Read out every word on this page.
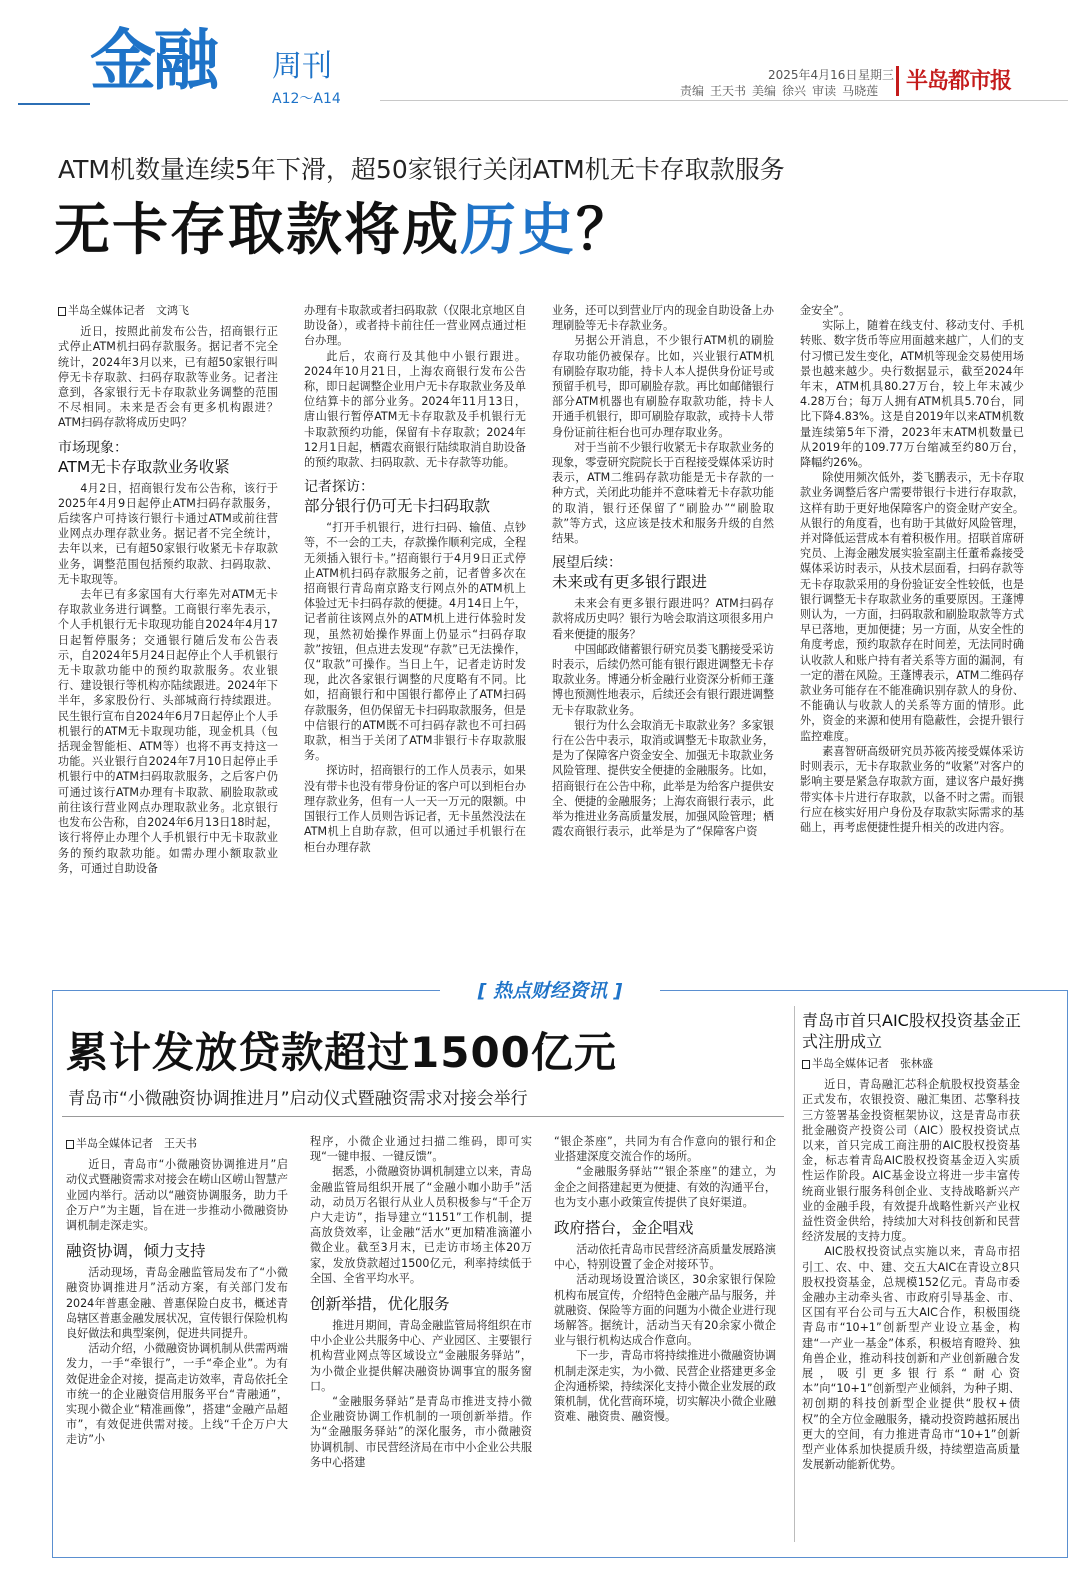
金融 周刊
A12～A14
2025年4月16日 星期三
责编 王天书 美编 徐兴 审读 马晓莲 半岛都市报
ATM机数量连续5年下滑，超50家银行关闭ATM机无卡存取款服务
无卡存取款将成历史？
半岛全媒体记者　文鸿飞

近日，按照此前发布公告，招商银行正式停止ATM机扫码存款服务。据记者不完全统计，2024年3月以来，已有超50家银行叫停无卡存取款、扫码存取款等业务。记者注意到，各家银行无卡存取款业务调整的范围不尽相同。未来是否会有更多机构跟进？ATM扫码存款将成历史吗？

市场现象：
ATM无卡存取款业务收紧

4月2日，招商银行发布公告称，该行于2025年4月9日起停止ATM扫码存款服务，后续客户可持该行银行卡通过ATM或前往营业网点办理存款业务。据记者不完全统计，去年以来，已有超50家银行收紧无卡存取款业务，调整范围包括预约取款、扫码取款、无卡取现等。

去年已有多家国有大行率先对ATM无卡存取款业务进行调整。工商银行率先表示，个人手机银行无卡取现功能自2024年4月17日起暂停服务；交通银行随后发布公告表示，自2024年5月24日起停止个人手机银行无卡取款功能中的预约取款服务。农业银行、建设银行等机构亦陆续跟进。2024年下半年，多家股份行、头部城商行持续跟进。民生银行宣布自2024年6月7日起停止个人手机银行的ATM无卡取现功能，现金机具（包括现金智能柜、ATM等）也将不再支持这一功能。兴业银行自2024年7月10日起停止手机银行中的ATM扫码取款服务，之后客户仍可通过该行ATM办理有卡取款、刷脸取款或前往该行营业网点办理取款业务。北京银行也发布公告称，自2024年6月13日18时起，该行将停止办理个人手机银行中无卡取款业务的预约取款功能。如需办理小额取款业务，可通过自助设备

办理有卡取款或者扫码取款（仅限北京地区自助设备），或者持卡前往任一营业网点通过柜台办理。

此后，农商行及其他中小银行跟进。2024年10月21日，上海农商银行发布公告称，即日起调整企业用户无卡存取款业务及单位结算卡的部分业务。2024年11月13日，唐山银行暂停ATM无卡存取款及手机银行无卡取款预约功能，保留有卡存取款；2024年12月1日起，栖霞农商银行陆续取消自助设备的预约取款、扫码取款、无卡存款等功能。

记者探访：
部分银行仍可无卡扫码取款

“打开手机银行，进行扫码、输值、点钞等，不一会的工夫，存款操作顺利完成，全程无须插入银行卡。”招商银行于4月9日正式停止ATM机扫码存款服务之前，记者曾多次在招商银行青岛南京路支行网点外的ATM机上体验过无卡扫码存款的便捷。4月14日上午，记者前往该网点外的ATM机上进行体验时发现，虽然初始操作界面上仍显示“扫码存取款”按钮，但点进去发现“存款”已无法操作，仅“取款”可操作。当日上午，记者走访时发现，此次各家银行调整的尺度略有不同。比如，招商银行和中国银行都停止了ATM扫码存款服务，但仍保留无卡扫码取款服务，但是中信银行的ATM既不可扫码存款也不可扫码取款，相当于关闭了ATM非银行卡存取款服务。

探访时，招商银行的工作人员表示，如果没有带卡也没有带身份证的客户可以到柜台办理存款业务，但有一人一天一万元的限额。中国银行工作人员则告诉记者，无卡虽然没法在ATM机上自助存款，但可以通过手机银行在柜台办理存款

业务，还可以到营业厅内的现金自助设备上办理刷脸等无卡存款业务。

另据公开消息，不少银行ATM机的刷脸存取功能仍被保存。比如，兴业银行ATM机有刷脸存取功能，持卡人本人提供身份证号或预留手机号，即可刷脸存款。再比如邮储银行部分ATM机器也有刷脸存取款功能，持卡人开通手机银行，即可刷脸存取款，或持卡人带身份证前往柜台也可办理存取业务。

对于当前不少银行收紧无卡存取款业务的现象，零壹研究院院长于百程接受媒体采访时表示，ATM二维码存款功能是无卡存款的一种方式，关闭此功能并不意味着无卡存款功能的取消，银行还保留了“刷脸办”“刷脸取款”等方式，这应该是技术和服务升级的自然结果。

展望后续：
未来或有更多银行跟进

未来会有更多银行跟进吗？ATM扫码存款将成历史吗？银行为啥会取消这项很多用户看来便捷的服务？

中国邮政储蓄银行研究员娄飞鹏接受采访时表示，后续仍然可能有银行跟进调整无卡存取款业务。博通分析金融行业资深分析师王蓬博也预测性地表示，后续还会有银行跟进调整无卡存取款业务。

银行为什么会取消无卡取款业务？多家银行在公告中表示，取消或调整无卡取款业务，是为了保障客户资金安全、加强无卡取款业务风险管理、提供安全便捷的金融服务。比如，招商银行在公告中称，此举是为给客户提供安全、便捷的金融服务；上海农商银行表示，此举为推进业务高质量发展，加强风险管理；栖霞农商银行表示，此举是为了“保障客户资

金安全”。

实际上，随着在线支付、移动支付、手机转账、数字货币等应用面越来越广，人们的支付习惯已发生变化，ATM机等现金交易使用场景也越来越少。央行数据显示，截至2024年年末，ATM机具80.27万台，较上年末减少4.28万台；每万人拥有ATM机具5.70台，同比下降4.83%。这是自2019年以来ATM机数量连续第5年下滑，2023年末ATM机数量已从2019年的109.77万台缩减至约80万台，降幅约26%。

除使用频次低外，娄飞鹏表示，无卡存取款业务调整后客户需要带银行卡进行存取款，这样有助于更好地保障客户的资金财产安全。从银行的角度看，也有助于其做好风险管理，并对降低运营成本有着积极作用。招联首席研究员、上海金融发展实验室副主任董希淼接受媒体采访时表示，从技术层面看，扫码存款等无卡存取款采用的身份验证安全性较低，也是银行调整无卡存取款业务的重要原因。王蓬博则认为，一方面，扫码取款和刷脸取款等方式早已落地，更加便捷；另一方面，从安全性的角度考虑，预约取款存在时间差，无法同时确认收款人和账户持有者关系等方面的漏洞，有一定的潜在风险。王蓬博表示，ATM二维码存款业务可能存在不能准确识别存款人的身份、不能确认与收款人的关系等方面的情形。此外，资金的来源和使用有隐蔽性，会提升银行监控难度。

素喜智研高级研究员苏筱芮接受媒体采访时则表示，无卡存取款业务的“收紧”对客户的影响主要是紧急存取款方面，建议客户最好携带实体卡片进行存取款，以备不时之需。而银行应在核实好用户身份及存取款实际需求的基础上，再考虑便捷性提升相关的改进内容。

[ 热点财经资讯 ]
累计发放贷款超过1500亿元
青岛市“小微融资协调推进月”启动仪式暨融资需求对接会举行
半岛全媒体记者　王天书

近日，青岛市“小微融资协调推进月”启动仪式暨融资需求对接会在崂山区崂山智慧产业园内举行。活动以“融资协调服务，助力千企万户”为主题，旨在进一步推动小微融资协调机制走深走实。

融资协调，倾力支持

活动现场，青岛金融监管局发布了“小微融资协调推进月”活动方案，有关部门发布2024年普惠金融、普惠保险白皮书，概述青岛辖区普惠金融发展状况，宣传银行保险机构良好做法和典型案例，促进共同提升。

活动介绍，小微融资协调机制从供需两端发力，一手“牵银行”，一手“牵企业”。为有效促进金企对接，提高走访效率，青岛依托全市统一的企业融资信用服务平台“青融通”，实现小微企业“精准画像”，搭建“金融产品超市”，有效促进供需对接。上线“千企万户大走访”小

程序，小微企业通过扫描二维码，即可实现“一键申报、一键反馈”。

据悉，小微融资协调机制建立以来，青岛金融监管局组织开展了“金融小咖小助手”活动，动员万名银行从业人员积极参与“千企万户大走访”，指导建立“1151”工作机制，提高放贷效率，让金融“活水”更加精准滴灌小微企业。截至3月末，已走访市场主体20万家，发放贷款超过1500亿元，利率持续低于全国、全省平均水平。

创新举措，优化服务

推进月期间，青岛金融监管局将组织在市中小企业公共服务中心、产业园区、主要银行机构营业网点等区域设立“金融服务驿站”，为小微企业提供解决融资协调事宜的服务窗口。

“金融服务驿站”是青岛市推进支持小微企业融资协调工作机制的一项创新举措。作为“金融服务驿站”的深化服务，市小微融资协调机制、市民营经济局在市中小企业公共服务中心搭建

“银企茶座”，共同为有合作意向的银行和企业搭建深度交流合作的场所。

“金融服务驿站”“银企茶座”的建立，为金企之间搭建起更为便捷、有效的沟通平台，也为支小惠小政策宣传提供了良好渠道。

政府搭台，金企唱戏

活动依托青岛市民营经济高质量发展路演中心，特别设置了金企对接环节。

活动现场设置洽谈区，30余家银行保险机构布展宣传，介绍特色金融产品与服务，并就融资、保险等方面的问题为小微企业进行现场解答。据统计，活动当天有20余家小微企业与银行机构达成合作意向。

下一步，青岛市将持续推进小微融资协调机制走深走实，为小微、民营企业搭建更多金企沟通桥梁，持续深化支持小微企业发展的政策机制，优化营商环境，切实解决小微企业融资难、融资贵、融资慢。

青岛市首只AIC股权投资基金正式注册成立
半岛全媒体记者　张林盛

近日，青岛融汇芯科企航股权投资基金正式发布，农银投资、融汇集团、芯擎科技三方签署基金投资框架协议，这是青岛市获批金融资产投资公司（AIC）股权投资试点以来，首只完成工商注册的AIC股权投资基金，标志着青岛AIC股权投资基金迈入实质性运作阶段。AIC基金设立将进一步丰富传统商业银行服务科创企业、支持战略新兴产业的金融手段，有效提升战略性新兴产业权益性资金供给，持续加大对科技创新和民营经济发展的支持力度。

AIC股权投资试点实施以来，青岛市招引工、农、中、建、交五大AIC在青设立8只股权投资基金，总规模152亿元。青岛市委金融办主动牵头省、市政府引导基金、市、区国有平台公司与五大AIC合作，积极围绕青岛市“10+1”创新型产业设立基金，构建“一产业一基金”体系，积极培育瞪羚、独角兽企业，推动科技创新和产业创新融合发展，吸引更多银行系“耐心资本”向“10+1”创新型产业倾斜，为种子期、初创期的科技创新型企业提供“股权+债权”的全方位金融服务，撬动投资跨越拓展出更大的空间，有力推进青岛市“10+1”创新型产业体系加快提质升级，持续塑造高质量发展新动能新优势。
